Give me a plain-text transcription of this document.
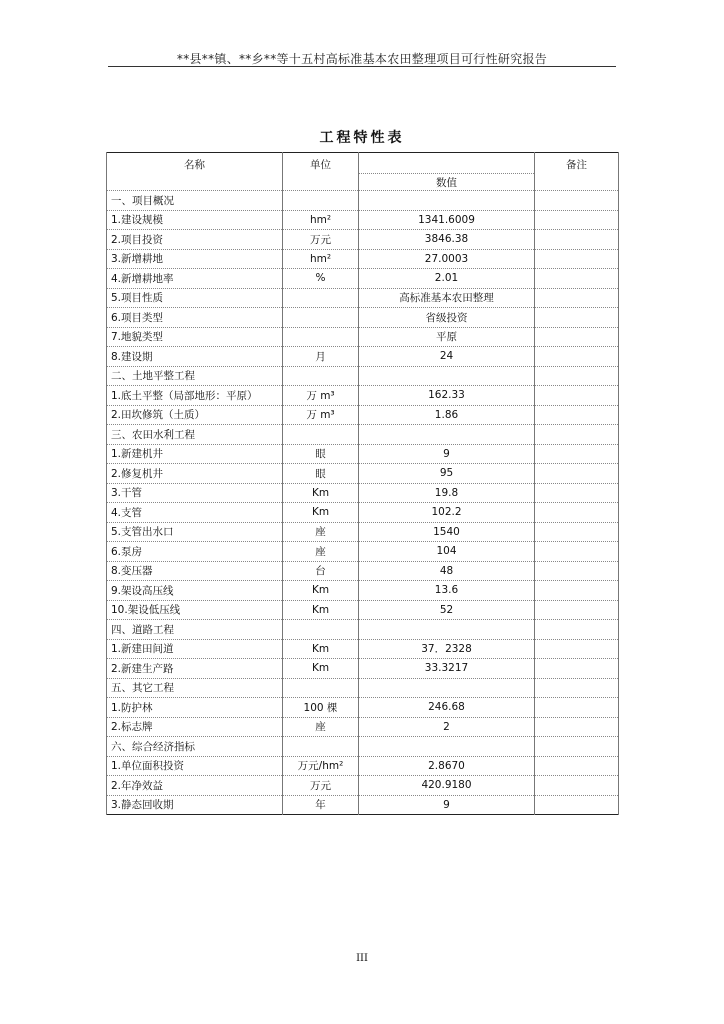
**县**镇、**乡**等十五村高标准基本农田整理项目可行性研究报告
工程特性表
名称	单位		备注
		数值	
一、项目概况			
1.建设规模	hm²	1341.6009	
2.项目投资	万元	3846.38	
3.新增耕地	hm²	27.0003	
4.新增耕地率	%	2.01	
5.项目性质		高标准基本农田整理	
6.项目类型		省级投资	
7.地貌类型		平原	
8.建设期	月	24	
二、土地平整工程			
1.底土平整（局部地形：平原）	万 m³	162.33	
2.田坎修筑（土质）	万 m³	1.86	
三、农田水利工程			
1.新建机井	眼	9	
2.修复机井	眼	95	
3.干管	Km	19.8	
4.支管	Km	102.2	
5.支管出水口	座	1540	
6.泵房	座	104	
8.变压器	台	48	
9.架设高压线	Km	13.6	
10.架设低压线	Km	52	
四、道路工程			
1.新建田间道	Km	37．2328	
2.新建生产路	Km	33.3217	
五、其它工程			
1.防护林	100 棵	246.68	
2.标志牌	座	2	
六、综合经济指标			
1.单位面积投资	万元/hm²	2.8670	
2.年净效益	万元	420.9180	
3.静态回收期	年	9	
III
